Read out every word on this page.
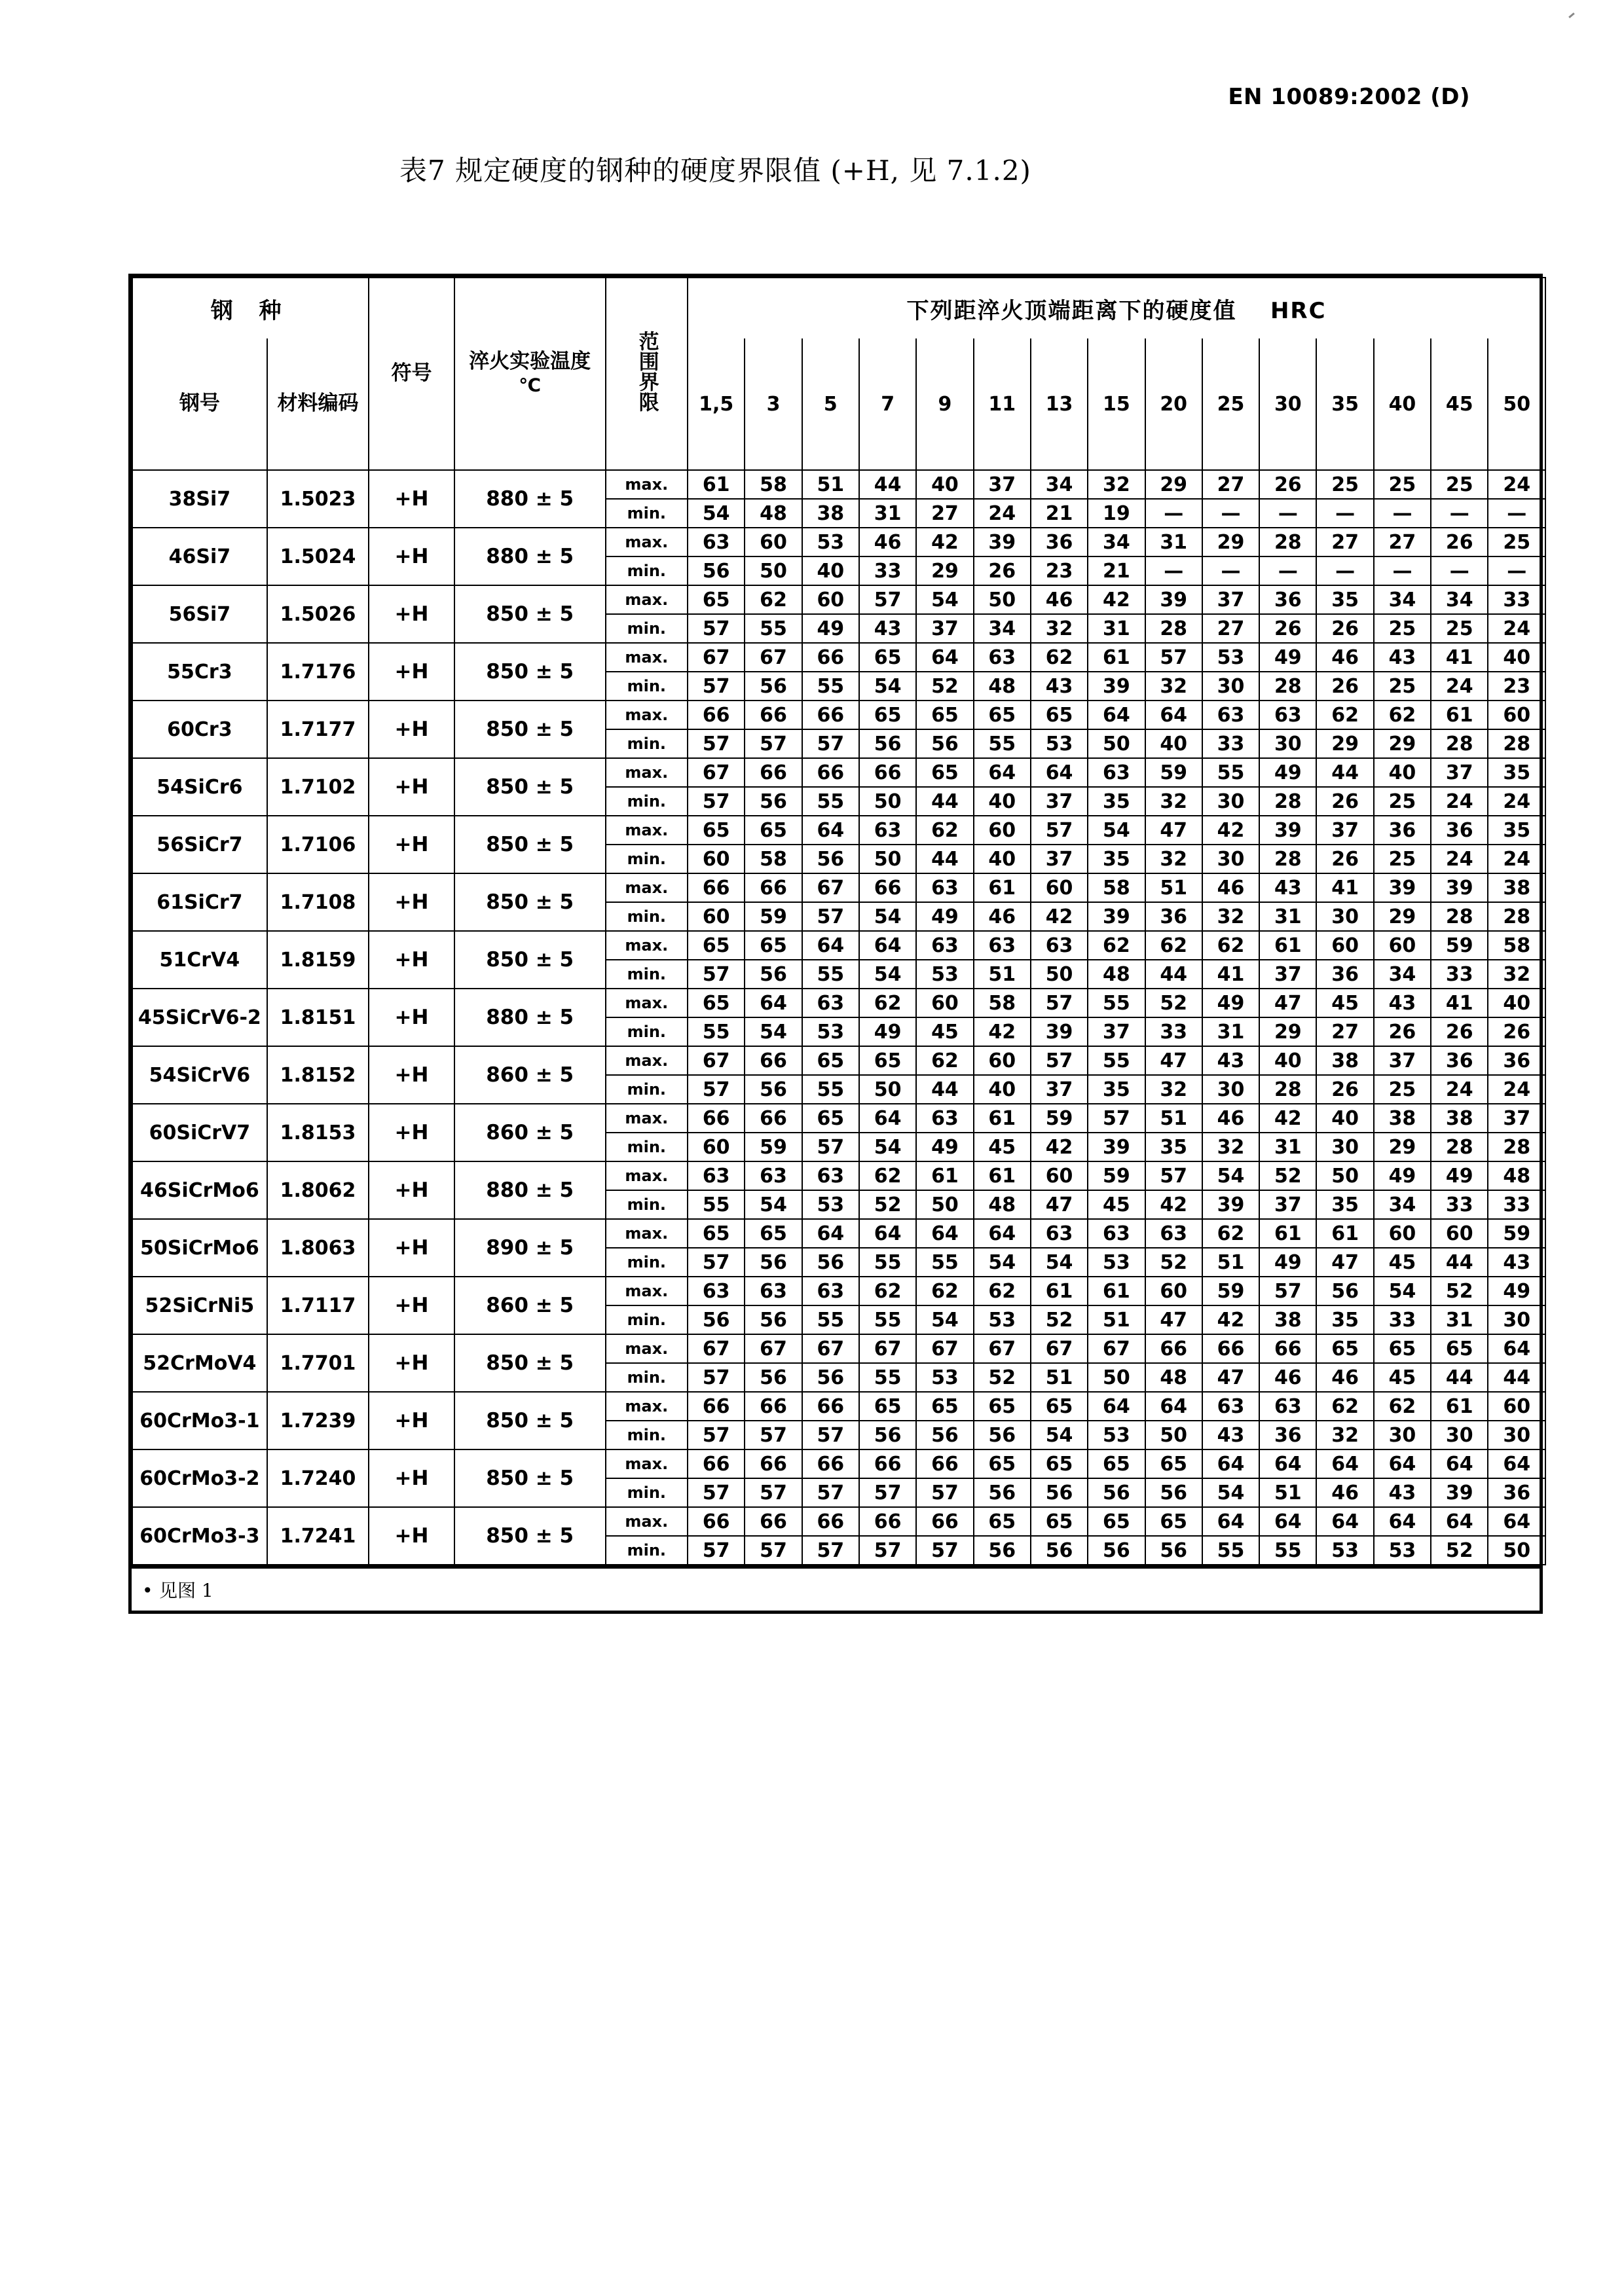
EN 10089:2002 (D)
表7 规定硬度的钢种的硬度界限值 (+H, 见 7.1.2)
钢 种		符号	淬火实验温度
℃	范围界限	下列距淬火顶端距离下的硬度值 HRC														
钢号	材料编码				1,5	3	5	7	9	11	13	15	20	25	30	35	40	45	50
38Si7	1.5023	+H	880 ± 5	max.	61	58	51	44	40	37	34	32	29	27	26	25	25	25	24
				min.	54	48	38	31	27	24	21	19	—	—	—	—	—	—	—
46Si7	1.5024	+H	880 ± 5	max.	63	60	53	46	42	39	36	34	31	29	28	27	27	26	25
				min.	56	50	40	33	29	26	23	21	—	—	—	—	—	—	—
56Si7	1.5026	+H	850 ± 5	max.	65	62	60	57	54	50	46	42	39	37	36	35	34	34	33
				min.	57	55	49	43	37	34	32	31	28	27	26	26	25	25	24
55Cr3	1.7176	+H	850 ± 5	max.	67	67	66	65	64	63	62	61	57	53	49	46	43	41	40
				min.	57	56	55	54	52	48	43	39	32	30	28	26	25	24	23
60Cr3	1.7177	+H	850 ± 5	max.	66	66	66	65	65	65	65	64	64	63	63	62	62	61	60
				min.	57	57	57	56	56	55	53	50	40	33	30	29	29	28	28
54SiCr6	1.7102	+H	850 ± 5	max.	67	66	66	66	65	64	64	63	59	55	49	44	40	37	35
				min.	57	56	55	50	44	40	37	35	32	30	28	26	25	24	24
56SiCr7	1.7106	+H	850 ± 5	max.	65	65	64	63	62	60	57	54	47	42	39	37	36	36	35
				min.	60	58	56	50	44	40	37	35	32	30	28	26	25	24	24
61SiCr7	1.7108	+H	850 ± 5	max.	66	66	67	66	63	61	60	58	51	46	43	41	39	39	38
				min.	60	59	57	54	49	46	42	39	36	32	31	30	29	28	28
51CrV4	1.8159	+H	850 ± 5	max.	65	65	64	64	63	63	63	62	62	62	61	60	60	59	58
				min.	57	56	55	54	53	51	50	48	44	41	37	36	34	33	32
45SiCrV6-2	1.8151	+H	880 ± 5	max.	65	64	63	62	60	58	57	55	52	49	47	45	43	41	40
				min.	55	54	53	49	45	42	39	37	33	31	29	27	26	26	26
54SiCrV6	1.8152	+H	860 ± 5	max.	67	66	65	65	62	60	57	55	47	43	40	38	37	36	36
				min.	57	56	55	50	44	40	37	35	32	30	28	26	25	24	24
60SiCrV7	1.8153	+H	860 ± 5	max.	66	66	65	64	63	61	59	57	51	46	42	40	38	38	37
				min.	60	59	57	54	49	45	42	39	35	32	31	30	29	28	28
46SiCrMo6	1.8062	+H	880 ± 5	max.	63	63	63	62	61	61	60	59	57	54	52	50	49	49	48
				min.	55	54	53	52	50	48	47	45	42	39	37	35	34	33	33
50SiCrMo6	1.8063	+H	890 ± 5	max.	65	65	64	64	64	64	63	63	63	62	61	61	60	60	59
				min.	57	56	56	55	55	54	54	53	52	51	49	47	45	44	43
52SiCrNi5	1.7117	+H	860 ± 5	max.	63	63	63	62	62	62	61	61	60	59	57	56	54	52	49
				min.	56	56	55	55	54	53	52	51	47	42	38	35	33	31	30
52CrMoV4	1.7701	+H	850 ± 5	max.	67	67	67	67	67	67	67	67	66	66	66	65	65	65	64
				min.	57	56	56	55	53	52	51	50	48	47	46	46	45	44	44
60CrMo3-1	1.7239	+H	850 ± 5	max.	66	66	66	65	65	65	65	64	64	63	63	62	62	61	60
				min.	57	57	57	56	56	56	54	53	50	43	36	32	30	30	30
60CrMo3-2	1.7240	+H	850 ± 5	max.	66	66	66	66	66	65	65	65	65	64	64	64	64	64	64
				min.	57	57	57	57	57	56	56	56	56	54	51	46	43	39	36
60CrMo3-3	1.7241	+H	850 ± 5	max.	66	66	66	66	66	65	65	65	65	64	64	64	64	64	64
				min.	57	57	57	57	57	56	56	56	56	55	55	53	53	52	50
• 见图 1
